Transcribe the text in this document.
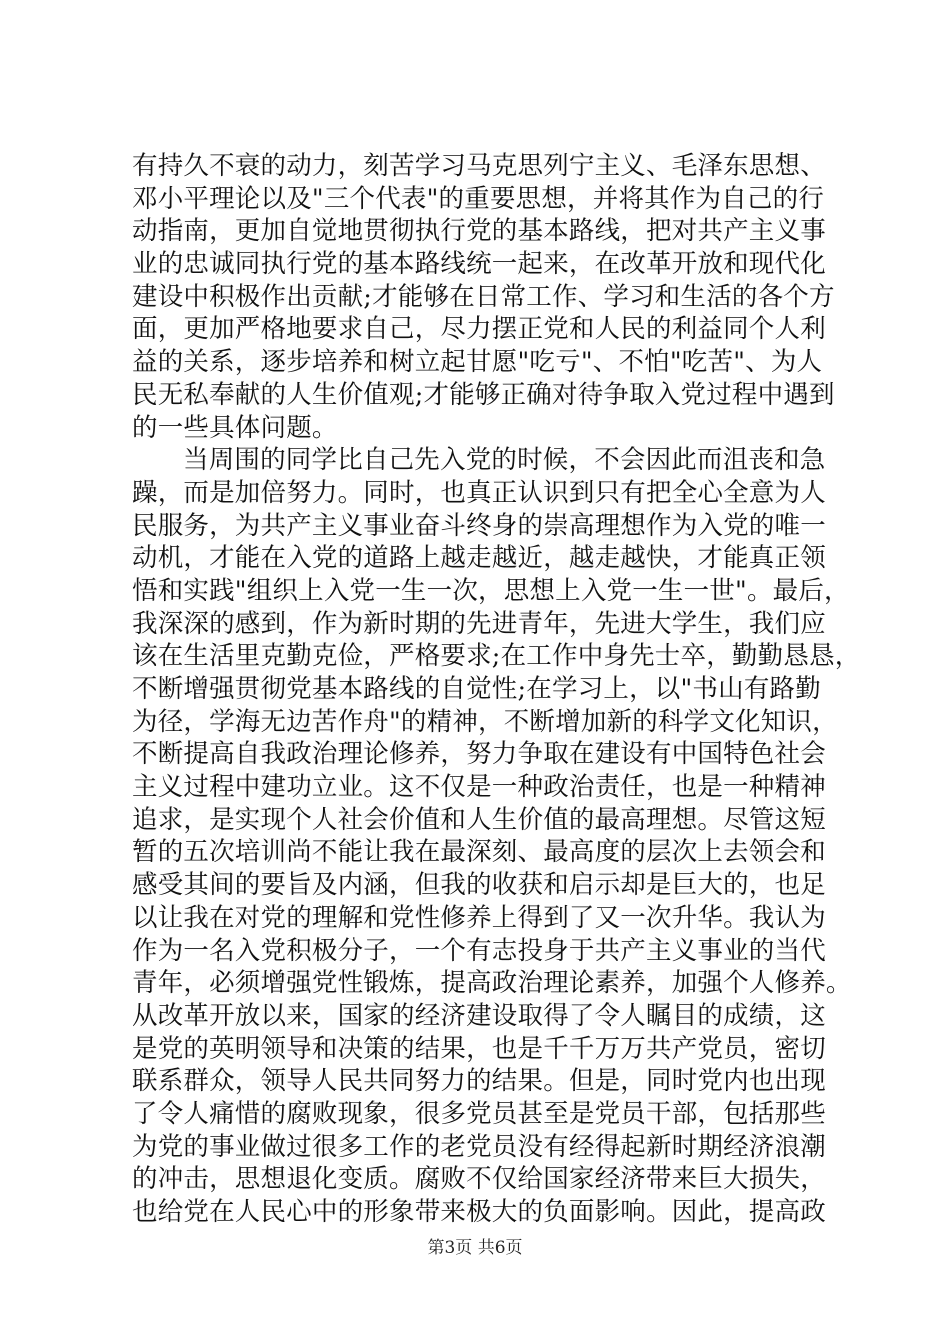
有持久不衰的动力，刻苦学习马克思列宁主义、毛泽东思想、
邓小平理论以及"三个代表"的重要思想，并将其作为自己的行
动指南，更加自觉地贯彻执行党的基本路线，把对共产主义事
业的忠诚同执行党的基本路线统一起来，在改革开放和现代化
建设中积极作出贡献;才能够在日常工作、学习和生活的各个方
面，更加严格地要求自己，尽力摆正党和人民的利益同个人利
益的关系，逐步培养和树立起甘愿"吃亏"、不怕"吃苦"、为人
民无私奉献的人生价值观;才能够正确对待争取入党过程中遇到
的一些具体问题。
当周围的同学比自己先入党的时候，不会因此而沮丧和急
躁，而是加倍努力。同时，也真正认识到只有把全心全意为人
民服务，为共产主义事业奋斗终身的崇高理想作为入党的唯一
动机，才能在入党的道路上越走越近，越走越快，才能真正领
悟和实践"组织上入党一生一次，思想上入党一生一世"。最后，
我深深的感到，作为新时期的先进青年，先进大学生，我们应
该在生活里克勤克俭，严格要求;在工作中身先士卒，勤勤恳恳，
不断增强贯彻党基本路线的自觉性;在学习上，以"书山有路勤
为径，学海无边苦作舟"的精神，不断增加新的科学文化知识，
不断提高自我政治理论修养，努力争取在建设有中国特色社会
主义过程中建功立业。这不仅是一种政治责任，也是一种精神
追求，是实现个人社会价值和人生价值的最高理想。尽管这短
暂的五次培训尚不能让我在最深刻、最高度的层次上去领会和
感受其间的要旨及内涵，但我的收获和启示却是巨大的，也足
以让我在对党的理解和党性修养上得到了又一次升华。我认为
作为一名入党积极分子，一个有志投身于共产主义事业的当代
青年，必须增强党性锻炼，提高政治理论素养，加强个人修养。
从改革开放以来，国家的经济建设取得了令人瞩目的成绩，这
是党的英明领导和决策的结果，也是千千万万共产党员，密切
联系群众，领导人民共同努力的结果。但是，同时党内也出现
了令人痛惜的腐败现象，很多党员甚至是党员干部，包括那些
为党的事业做过很多工作的老党员没有经得起新时期经济浪潮
的冲击，思想退化变质。腐败不仅给国家经济带来巨大损失，
也给党在人民心中的形象带来极大的负面影响。因此，提高政
第3页 共6页
